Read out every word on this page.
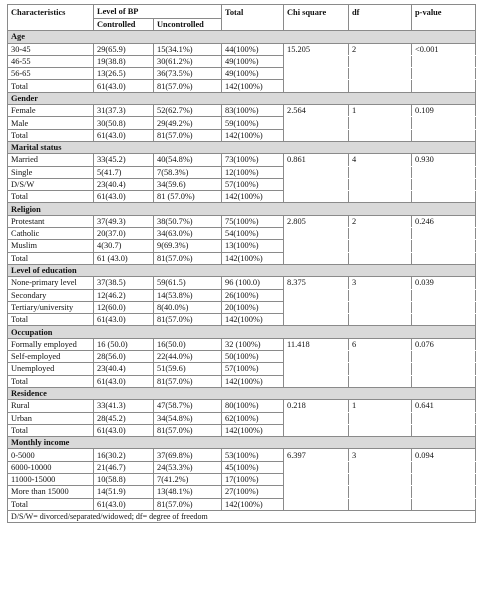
Characteristics	Level of BP		Total	Chi square	df	p-value
	Controlled	Uncontrolled				
Age						
30-45	29(65.9)	15(34.1%)	44(100%)	15.205	2	<0.001
46-55	19(38.8)	30(61.2%)	49(100%)			
56-65	13(26.5)	36(73.5%)	49(100%)			
Total	61(43.0)	81(57.0%)	142(100%)			
Gender						
Female	31(37.3)	52(62.7%)	83(100%)	2.564	1	0.109
Male	30(50.8)	29(49.2%)	59(100%)			
Total	61(43.0)	81(57.0%)	142(100%)			
Marital status						
Married	33(45.2)	40(54.8%)	73(100%)	0.861	4	0.930
Single	5(41.7)	7(58.3%)	12(100%)			
D/S/W	23(40.4)	34(59.6)	57(100%)			
Total	61(43.0)	81 (57.0%)	142(100%)			
Religion						
Protestant	37(49.3)	38(50.7%)	75(100%)	2.805	2	0.246
Catholic	20(37.0)	34(63.0%)	54(100%)			
Muslim	4(30.7)	9(69.3%)	13(100%)			
Total	61 (43.0)	81(57.0%)	142(100%)			
Level of education						
None-primary level	37(38.5)	59(61.5)	96 (100.0)	8.375	3	0.039
Secondary	12(46.2)	14(53.8%)	26(100%)			
Tertiary/university	12(60.0)	8(40.0%)	20(100%)			
Total	61(43.0)	81(57.0%)	142(100%)			
Occupation						
Formally employed	16 (50.0)	16(50.0)	32 (100%)	11.418	6	0.076
Self-employed	28(56.0)	22(44.0%)	50(100%)			
Unemployed	23(40.4)	51(59.6)	57(100%)			
Total	61(43.0)	81(57.0%)	142(100%)			
Residence						
Rural	33(41.3)	47(58.7%)	80(100%)	0.218	1	0.641
Urban	28(45.2)	34(54.8%)	62(100%)			
Total	61(43.0)	81(57.0%)	142(100%)			
Monthly income						
0-5000	16(30.2)	37(69.8%)	53(100%)	6.397	3	0.094
6000-10000	21(46.7)	24(53.3%)	45(100%)			
11000-15000	10(58.8)	7(41.2%)	17(100%)			
More than 15000	14(51.9)	13(48.1%)	27(100%)			
Total	61(43.0)	81(57.0%)	142(100%)			
D/S/W= divorced/separated/widowed; df= degree of freedom						
